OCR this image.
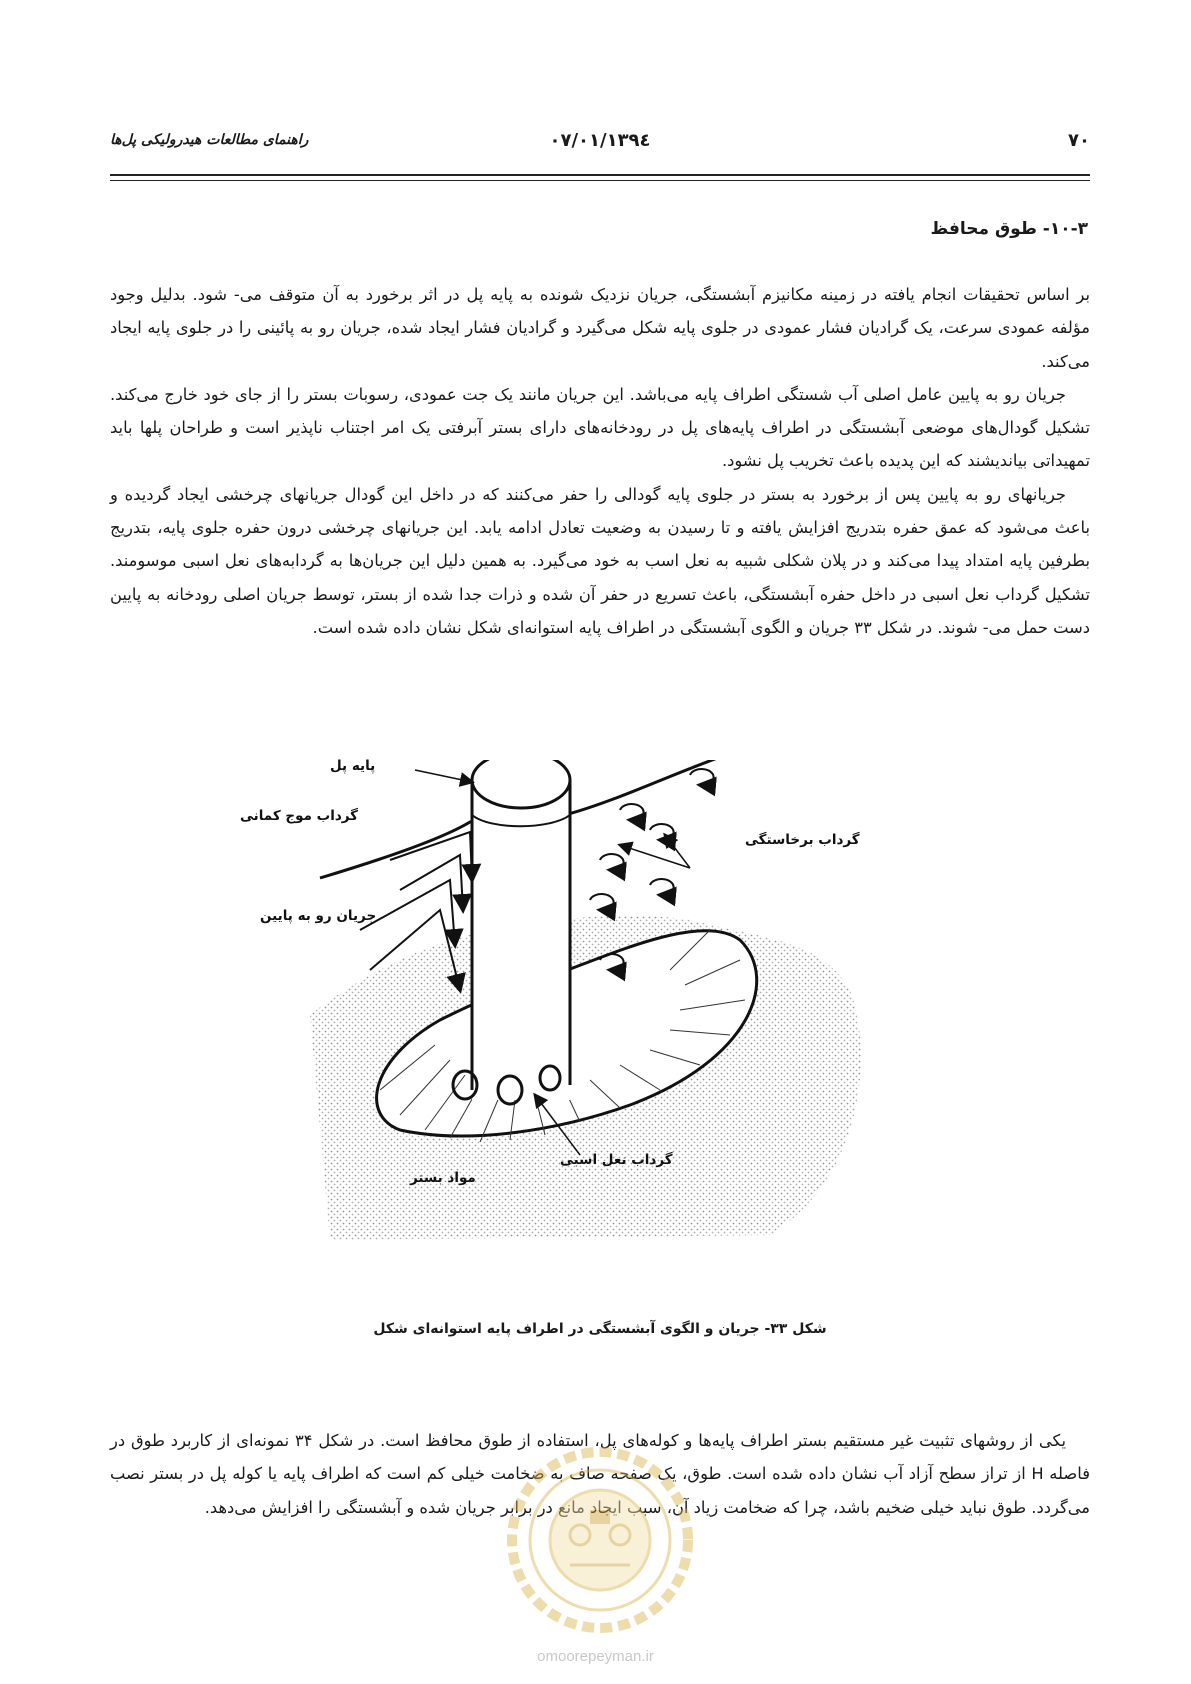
۷۰
۱۳۹٤/۰۷/۰۱
راهنمای مطالعات هیدرولیکی پل‌ها
۱۰-۳- طوق محافظ

بر اساس تحقیقات انجام یافته در زمینه مکانیزم آبشستگی، جریان نزدیک شونده به پایه پل در اثر برخورد به آن متوقف می- شود. بدلیل وجود مؤلفه عمودی سرعت، یک گرادیان فشار عمودی در جلوی پایه شکل می‌گیرد و گرادیان فشار ایجاد شده، جریان رو به پائینی را در جلوی پایه ایجاد می‌کند.

جریان رو به پایین عامل اصلی آب شستگی اطراف پایه می‌باشد. این جریان مانند یک جت عمودی، رسوبات بستر را از جای خود خارج می‌کند. تشکیل گودال‌های موضعی آبشستگی در اطراف پایه‌های پل در رودخانه‌های دارای بستر آبرفتی یک امر اجتناب ناپذیر است و طراحان پلها باید تمهیداتی بیاندیشند که این پدیده باعث تخریب پل نشود.

جریانهای رو به پایین پس از برخورد به بستر در جلوی پایه گودالی را حفر می‌کنند که در داخل این گودال جریانهای چرخشی ایجاد گردیده و باعث می‌شود که عمق حفره بتدریج افزایش یافته و تا رسیدن به وضعیت تعادل ادامه یابد. این جریانهای چرخشی درون حفره جلوی پایه، بتدریج بطرفین پایه امتداد پیدا می‌کند و در پلان شکلی شبیه به نعل اسب به خود می‌گیرد. به همین دلیل این جریان‌ها به گردابه‌های نعل اسبی موسومند. تشکیل گرداب نعل اسبی در داخل حفره آبشستگی، باعث تسریع در حفر آن شده و ذرات جدا شده از بستر، توسط جریان اصلی رودخانه به پایین دست حمل می- شوند. در شکل ۳۳ جریان و الگوی آبشستگی در اطراف پایه استوانه‌ای شکل نشان داده شده است.

پایه پل
گرداب موج کمانی
گرداب برخاستگی
جریان رو به پایین
گرداب نعل اسبی
مواد بستر
شکل ۳۳- جریان و الگوی آبشستگی در اطراف پایه استوانه‌ای شکل

یکی از روشهای تثبیت غیر مستقیم بستر اطراف پایه‌ها و کوله‌های پل، استفاده از طوق محافظ است. در شکل ۳۴ نمونه‌ای از کاربرد طوق در فاصله H از تراز سطح آزاد آب نشان داده شده است. طوق، یک صفحه صاف به ضخامت خیلی کم است که اطراف پایه یا کوله پل در بستر نصب می‌گردد. طوق نباید خیلی ضخیم باشد، چرا که ضخامت زیاد آن، سبب ایجاد مانع در برابر جریان شده و آبشستگی را افزایش می‌دهد.

omoorepeyman.ir
